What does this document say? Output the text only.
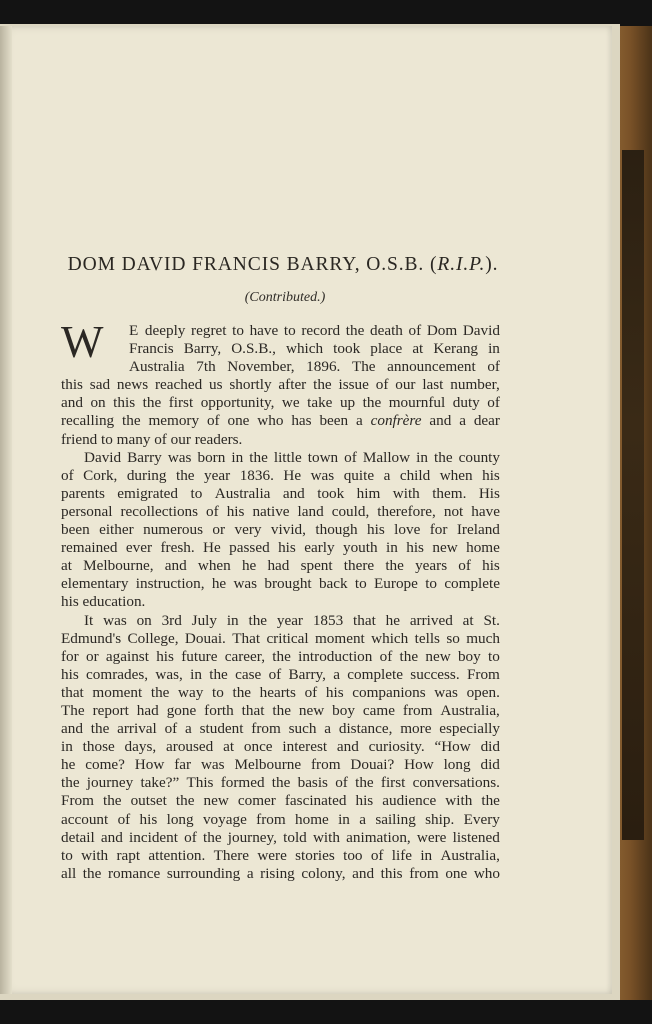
DOM DAVID FRANCIS BARRY, O.S.B. (R.I.P.).
(Contributed.)
W E deeply regret to have to record the death of Dom David
Francis Barry, O.S.B., which took place at Kerang in
Australia 7th November, 1896. The announcement of
this sad news reached us shortly after the issue of our last number,
and on this the first opportunity, we take up the mournful duty of
recalling the memory of one who has been a confrère and a dear
friend to many of our readers.
David Barry was born in the little town of Mallow in the county
of Cork, during the year 1836. He was quite a child when his
parents emigrated to Australia and took him with them. His
personal recollections of his native land could, therefore, not have
been either numerous or very vivid, though his love for Ireland
remained ever fresh. He passed his early youth in his new home
at Melbourne, and when he had spent there the years of his
elementary instruction, he was brought back to Europe to complete
his education.
It was on 3rd July in the year 1853 that he arrived at St.
Edmund's College, Douai. That critical moment which tells so much
for or against his future career, the introduction of the new boy to
his comrades, was, in the case of Barry, a complete success. From
that moment the way to the hearts of his companions was open.
The report had gone forth that the new boy came from Australia,
and the arrival of a student from such a distance, more especially
in those days, aroused at once interest and curiosity. “How did
he come? How far was Melbourne from Douai? How long did
the journey take?” This formed the basis of the first conversations.
From the outset the new comer fascinated his audience with the
account of his long voyage from home in a sailing ship. Every
detail and incident of the journey, told with animation, were listened
to with rapt attention. There were stories too of life in Australia,
all the romance surrounding a rising colony, and this from one who
